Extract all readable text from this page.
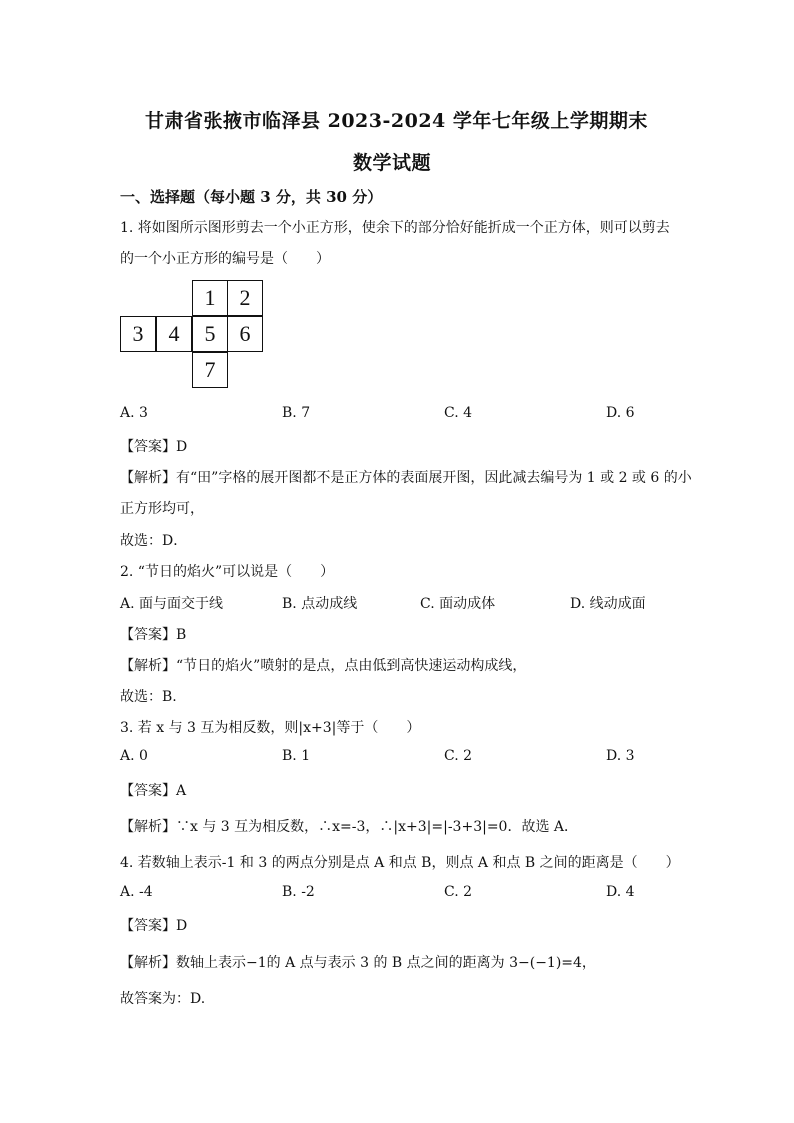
甘肃省张掖市临泽县 2023-2024 学年七年级上学期期末
数学试题
一、选择题（每小题 3 分，共 30 分）
1. 将如图所示图形剪去一个小正方形，使余下的部分恰好能折成一个正方体，则可以剪去
的一个小正方形的编号是（　　）
1	2
3	4	5	6
7
A. 3	B. 7	C. 4	D. 6
【答案】D
【解析】有“田”字格的展开图都不是正方体的表面展开图，因此减去编号为 1 或 2 或 6 的小
正方形均可，
故选：D．
2. “节日的焰火”可以说是（　　）
A. 面与面交于线	B. 点动成线	C. 面动成体	D. 线动成面
【答案】B
【解析】“节日的焰火”喷射的是点，点由低到高快速运动构成线，
故选：B.
3. 若 x 与 3 互为相反数，则|x+3|等于（　　）
A. 0	B. 1	C. 2	D. 3
【答案】A
【解析】∵x 与 3 互为相反数，∴x=-3，∴|x+3|=|-3+3|=0．故选 A．
4. 若数轴上表示-1 和 3 的两点分别是点 A 和点 B，则点 A 和点 B 之间的距离是（　　）
A. -4	B. -2	C. 2	D. 4
【答案】D
【解析】数轴上表示−1的 A 点与表示 3 的 B 点之间的距离为 3−(−1)=4，
故答案为：D.
